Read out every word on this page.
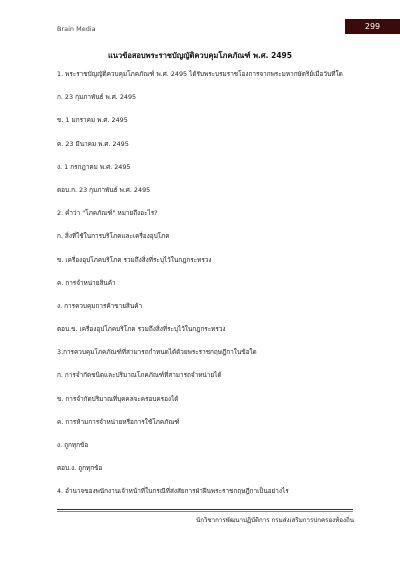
Brain Media	299
แนวข้อสอบพระราชบัญญัติควบคุมโภคภัณฑ์ พ.ศ. 2495
1. พระราชบัญญัติควบคุมโภคภัณฑ์ พ.ศ. 2495 ได้รับพระบรมราชโองการจากพระมหากษัตริย์เมื่อวันที่ใด
ก. 23 กุมภาพันธ์ พ.ศ. 2495
ข. 1 มกราคม พ.ศ. 2495
ค. 23 มีนาคม พ.ศ. 2495
ง. 1 กรกฎาคม พ.ศ. 2495
ตอบ.ก. 23 กุมภาพันธ์ พ.ศ. 2495
2. คำว่า "โภคภัณฑ์" หมายถึงอะไร?
ก. สิ่งที่ใช้ในการบริโภคและเครื่องอุปโภค
ข. เครื่องอุปโภคบริโภค รวมถึงสิ่งที่ระบุไว้ในกฎกระทรวง
ค. การจำหน่ายสินค้า
ง. การควบคุมการค้าขายสินค้า
ตอบ.ข. เครื่องอุปโภคบริโภค รวมถึงสิ่งที่ระบุไว้ในกฎกระทรวง
3.การควบคุมโภคภัณฑ์ที่สามารถกำหนดได้ด้วยพระราชกฤษฎีกาในข้อใด
ก. การจำกัดชนิดและปริมาณโภคภัณฑ์ที่สามารถจำหน่ายได้
ข. การจำกัดปริมาณที่บุคคลจะครอบครองได้
ค. การห้ามการจำหน่ายหรือการใช้โภคภัณฑ์
ง. ถูกทุกข้อ
ตอบ.ง. ถูกทุกข้อ
4. อำนาจของพนักงานเจ้าหน้าที่ในกรณีที่ส่งสัยการฝ่าฝืนพระราชกฤษฎีกาเป็นอย่างไร
นักวิชาการพัฒนาปฏิบัติการ กรมส่งเสริมการปกครองท้องถิ่น
